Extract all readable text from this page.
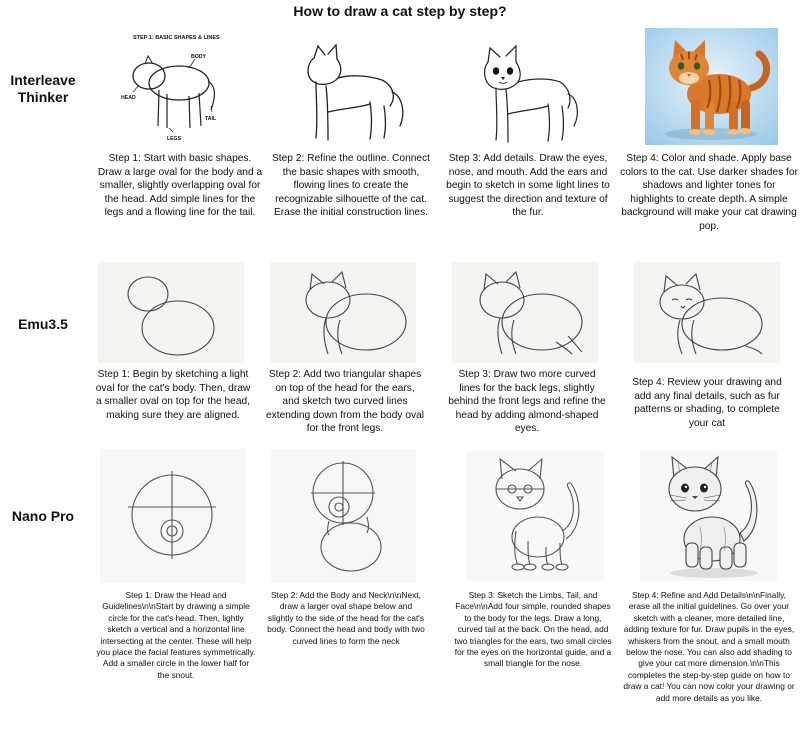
How to draw a cat step by step?
Interleave Thinker
Emu3.5
Nano Pro
STEP 1: BASIC SHAPES & LINES
BODY
HEAD
TAIL
LEGS
Step 1: Start with basic shapes. Draw a large oval for the body and a smaller, slightly overlapping oval for the head. Add simple lines for the legs and a flowing line for the tail.
Step 2: Refine the outline. Connect the basic shapes with smooth, flowing lines to create the recognizable silhouette of the cat. Erase the initial construction lines.
Step 3: Add details. Draw the eyes, nose, and mouth. Add the ears and begin to sketch in some light lines to suggest the direction and texture of the fur.
Step 4: Color and shade. Apply base colors to the cat. Use darker shades for shadows and lighter tones for highlights to create depth. A simple background will make your cat drawing pop.
Step 1: Begin by sketching a light oval for the cat's body. Then, draw a smaller oval on top for the head, making sure they are aligned.
Step 2: Add two triangular shapes on top of the head for the ears, and sketch two curved lines extending down from the body oval for the front legs.
Step 3: Draw two more curved lines for the back legs, slightly behind the front legs and refine the head by adding almond-shaped eyes.
Step 4: Review your drawing and add any final details, such as fur patterns or shading, to complete your cat
Step 1: Draw the Head and Guidelines\n\nStart by drawing a simple circle for the cat's head. Then, lightly sketch a vertical and a horizontal line intersecting at the center. These will help you place the facial features symmetrically. Add a smaller circle in the lower half for the snout.
Step 2: Add the Body and Neck\n\nNext, draw a larger oval shape below and slightly to the side of the head for the cat's body. Connect the head and body with two curved lines to form the neck
Step 3: Sketch the Limbs, Tail, and Face\n\nAdd four simple, rounded shapes to the body for the legs. Draw a long, curved tail at the back. On the head, add two triangles for the ears, two small circles for the eyes on the horizontal guide, and a small triangle for the nose.
Step 4: Refine and Add Details\n\nFinally, erase all the initial guidelines. Go over your sketch with a cleaner, more detailed line, adding texture for fur. Draw pupils in the eyes, whiskers from the snout, and a small mouth below the nose. You can also add shading to give your cat more dimension.\n\nThis completes the step-by-step guide on how to draw a cat! You can now color your drawing or add more details as you like.
